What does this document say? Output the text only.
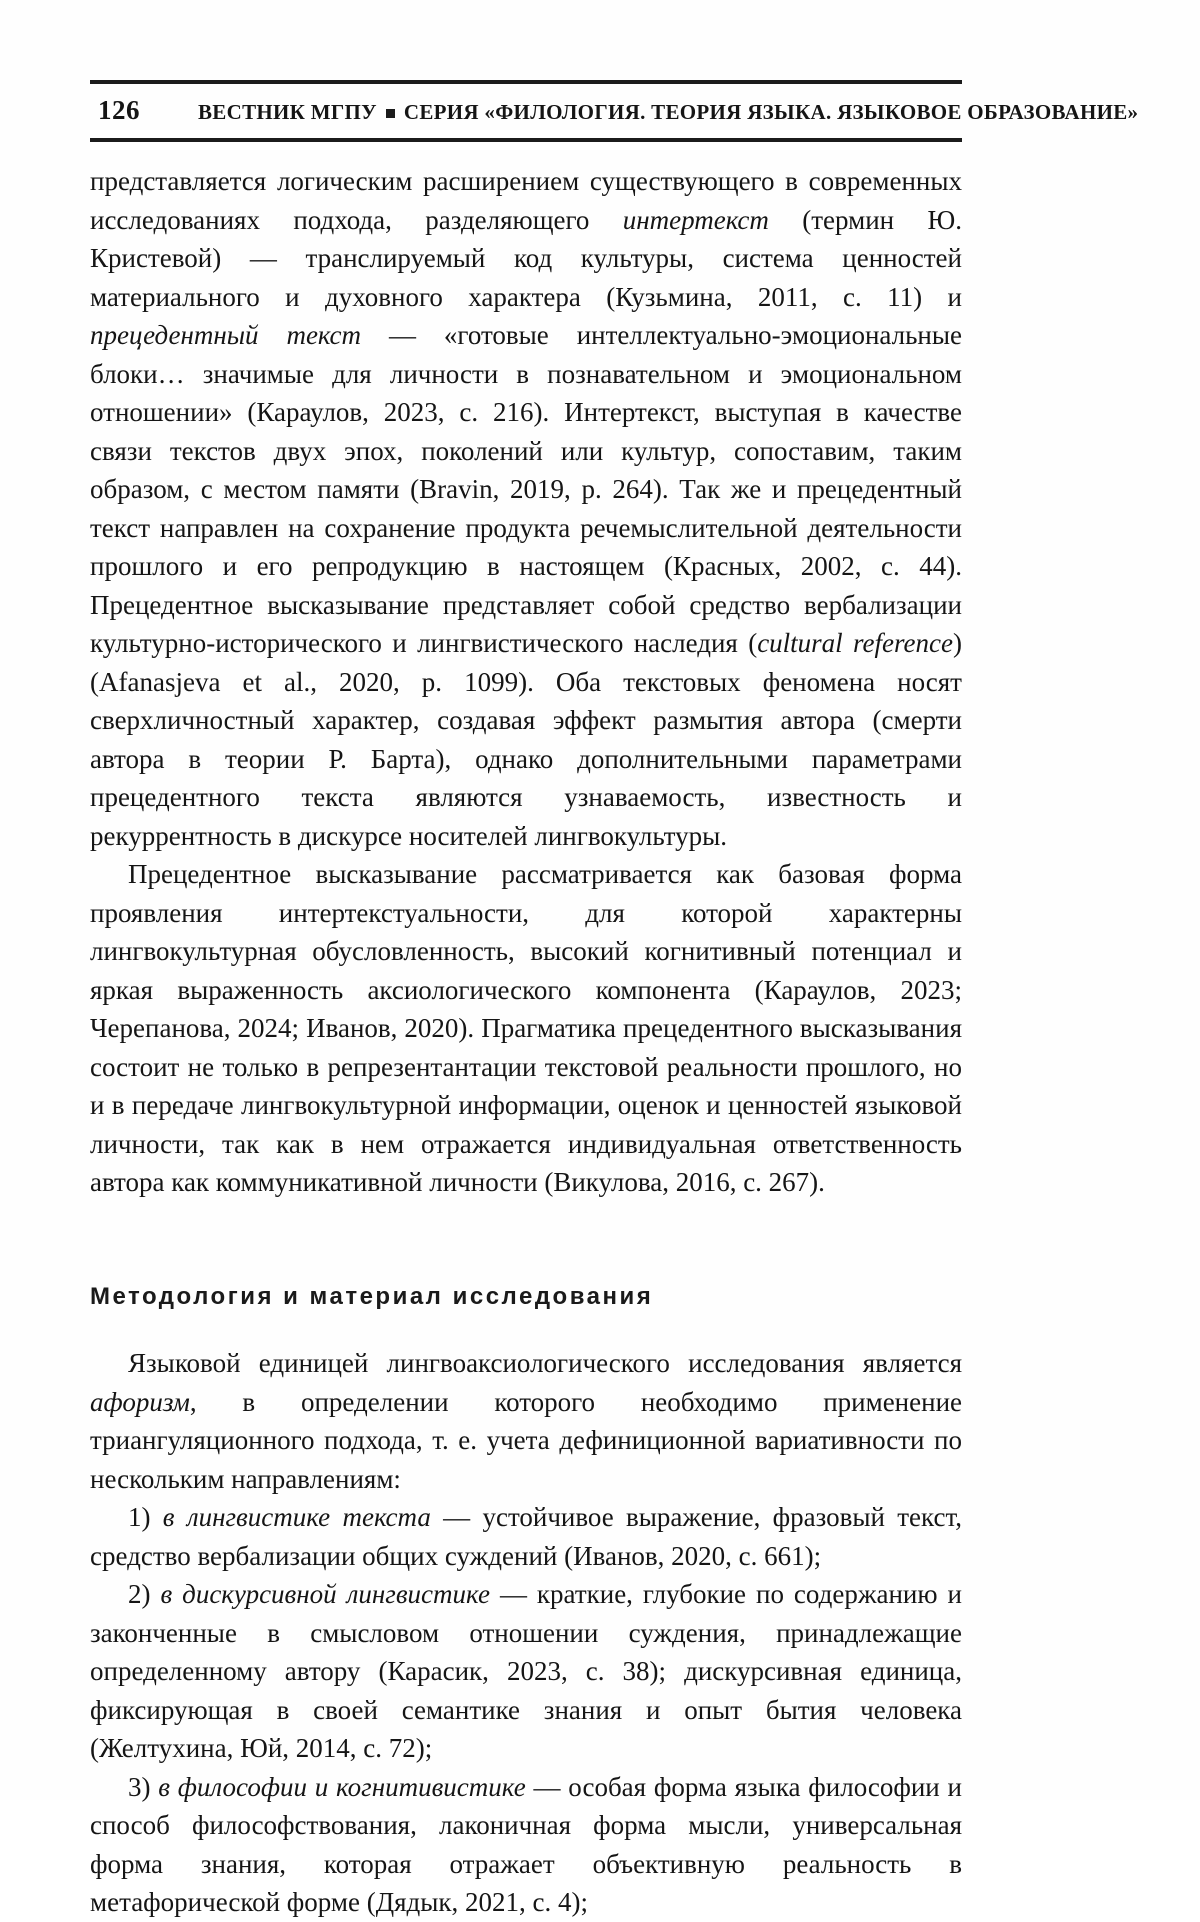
126	ВЕСТНИК МГПУ СЕРИЯ «ФИЛОЛОГИЯ. ТЕОРИЯ ЯЗЫКА. ЯЗЫКОВОЕ ОБРАЗОВАНИЕ»

представляется логическим расширением существующего в современных исследованиях подхода, разделяющего интертекст (термин Ю. Кристевой) — транслируемый код культуры, система ценностей материального и духовного характера (Кузьмина, 2011, с. 11) и прецедентный текст — «готовые интеллектуально-эмоциональные блоки… значимые для личности в познавательном и эмоциональном отношении» (Караулов, 2023, с. 216). Интертекст, выступая в качестве связи текстов двух эпох, поколений или культур, сопоставим, таким образом, с местом памяти (Bravin, 2019, p. 264). Так же и прецедентный текст направлен на сохранение продукта речемыслительной деятельности прошлого и его репродукцию в настоящем (Красных, 2002, с. 44). Прецедентное высказывание представляет собой средство вербализации культурно-исторического и лингвистического наследия (cultural reference) (Afanasjeva et al., 2020, p. 1099). Оба текстовых феномена носят сверхличностный характер, создавая эффект размытия автора (смерти автора в теории Р. Барта), однако дополнительными параметрами прецедентного текста являются узнаваемость, известность и рекуррентность в дискурсе носителей лингвокультуры.

Прецедентное высказывание рассматривается как базовая форма проявления интертекстуальности, для которой характерны лингвокультурная обусловленность, высокий когнитивный потенциал и яркая выраженность аксиологического компонента (Караулов, 2023; Черепанова, 2024; Иванов, 2020). Прагматика прецедентного высказывания состоит не только в репрезентантации текстовой реальности прошлого, но и в передаче лингвокультурной информации, оценок и ценностей языковой личности, так как в нем отражается индивидуальная ответственность автора как коммуникативной личности (Викулова, 2016, с. 267).

Методология и материал исследования

Языковой единицей лингвоаксиологического исследования является афоризм, в определении которого необходимо применение триангуляционного подхода, т. е. учета дефиниционной вариативности по нескольким направлениям:

1) в лингвистике текста — устойчивое выражение, фразовый текст, средство вербализации общих суждений (Иванов, 2020, с. 661);

2) в дискурсивной лингвистике — краткие, глубокие по содержанию и законченные в смысловом отношении суждения, принадлежащие определенному автору (Карасик, 2023, с. 38); дискурсивная единица, фиксирующая в своей семантике знания и опыт бытия человека (Желтухина, Юй, 2014, с. 72);

3) в философии и когнитивистике — особая форма языка философии и способ философствования, лаконичная форма мысли, универсальная форма знания, которая отражает объективную реальность в метафорической форме (Дядык, 2021, с. 4);
